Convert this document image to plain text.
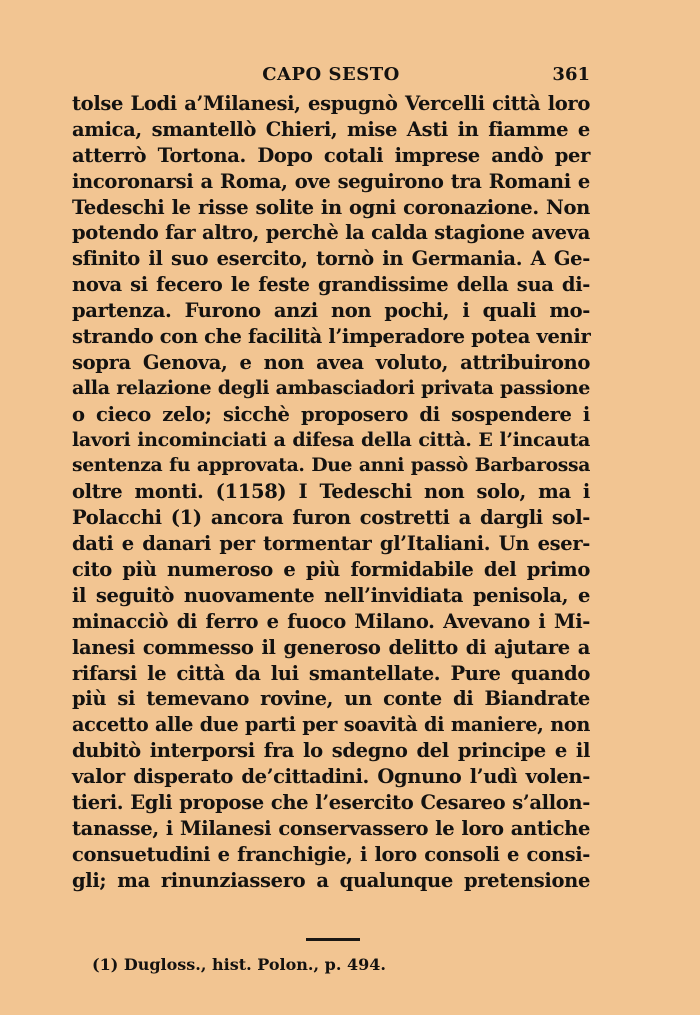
CAPO SESTO	361
tolse Lodi a’Milanesi, espugnò Vercelli città loro
amica, smantellò Chieri, mise Asti in fiamme e
atterrò Tortona. Dopo cotali imprese andò per
incoronarsi a Roma, ove seguirono tra Romani e
Tedeschi le risse solite in ogni coronazione. Non
potendo far altro, perchè la calda stagione aveva
sfinito il suo esercito, tornò in Germania. A Ge-
nova si fecero le feste grandissime della sua di-
partenza. Furono anzi non pochi, i quali mo-
strando con che facilità l’imperadore potea venir
sopra Genova, e non avea voluto, attribuirono
alla relazione degli ambasciadori privata passione
o cieco zelo; sicchè proposero di sospendere i
lavori incominciati a difesa della città. E l’incauta
sentenza fu approvata. Due anni passò Barbarossa
oltre monti. (1158) I Tedeschi non solo, ma i
Polacchi (1) ancora furon costretti a dargli sol-
dati e danari per tormentar gl’Italiani. Un eser-
cito più numeroso e più formidabile del primo
il seguitò nuovamente nell’invidiata penisola, e
minacciò di ferro e fuoco Milano. Avevano i Mi-
lanesi commesso il generoso delitto di ajutare a
rifarsi le città da lui smantellate. Pure quando
più si temevano rovine, un conte di Biandrate
accetto alle due parti per soavità di maniere, non
dubitò interporsi fra lo sdegno del principe e il
valor disperato de’cittadini. Ognuno l’udì volen-
tieri. Egli propose che l’esercito Cesareo s’allon-
tanasse, i Milanesi conservassero le loro antiche
consuetudini e franchigie, i loro consoli e consi-
gli; ma rinunziassero a qualunque pretensione
(1) Dugloss., hist. Polon., p. 494.
